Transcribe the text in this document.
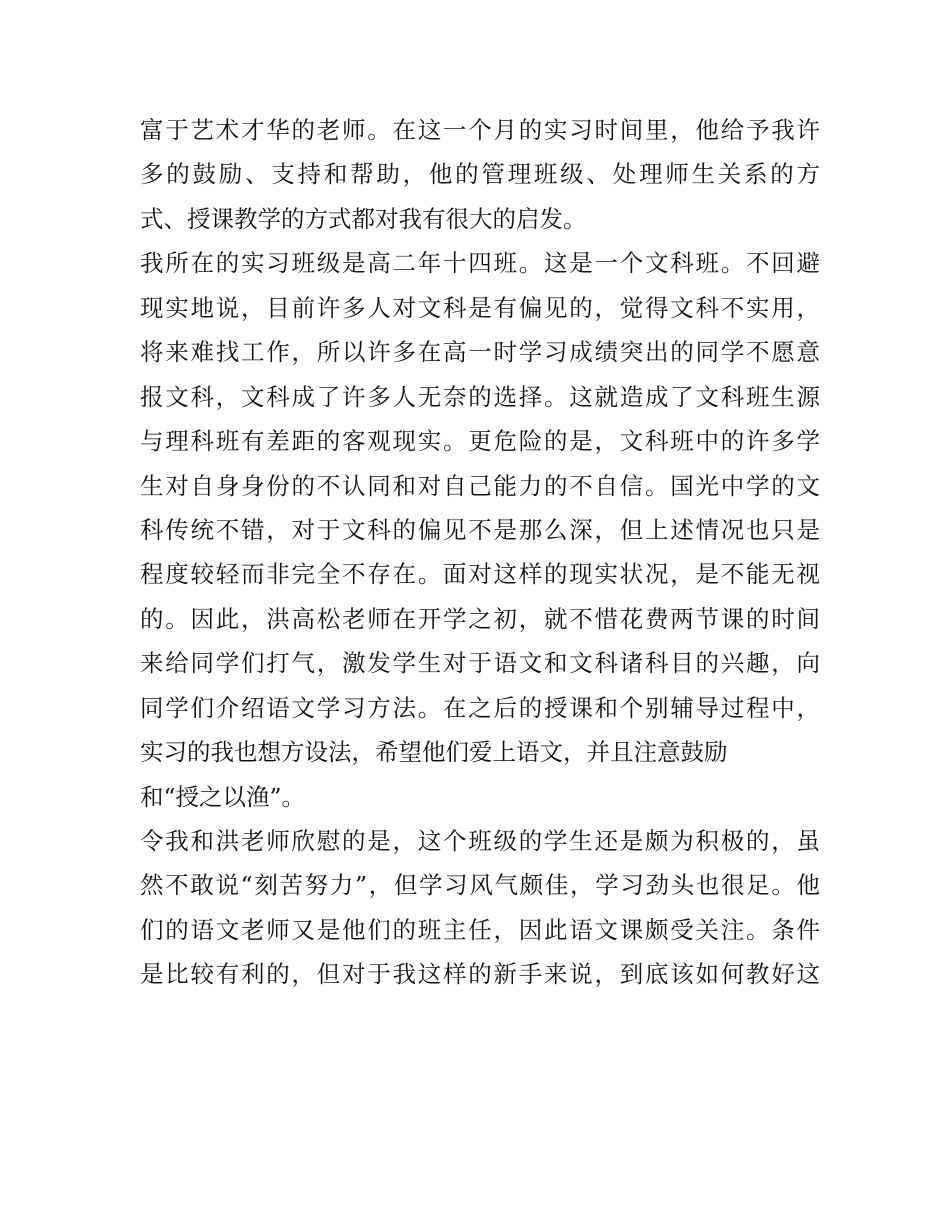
富于艺术才华的老师。在这一个月的实习时间里，他给予我许
多的鼓励、支持和帮助，他的管理班级、处理师生关系的方
式、授课教学的方式都对我有很大的启发。
我所在的实习班级是高二年十四班。这是一个文科班。不回避
现实地说，目前许多人对文科是有偏见的，觉得文科不实用，
将来难找工作，所以许多在高一时学习成绩突出的同学不愿意
报文科，文科成了许多人无奈的选择。这就造成了文科班生源
与理科班有差距的客观现实。更危险的是，文科班中的许多学
生对自身身份的不认同和对自己能力的不自信。国光中学的文
科传统不错，对于文科的偏见不是那么深，但上述情况也只是
程度较轻而非完全不存在。面对这样的现实状况，是不能无视
的。因此，洪高松老师在开学之初，就不惜花费两节课的时间
来给同学们打气，激发学生对于语文和文科诸科目的兴趣，向
同学们介绍语文学习方法。在之后的授课和个别辅导过程中，
实习的我也想方设法，希望他们爱上语文，并且注意鼓励
和“授之以渔”。
令我和洪老师欣慰的是，这个班级的学生还是颇为积极的，虽
然不敢说“刻苦努力”，但学习风气颇佳，学习劲头也很足。他
们的语文老师又是他们的班主任，因此语文课颇受关注。条件
是比较有利的，但对于我这样的新手来说，到底该如何教好这
